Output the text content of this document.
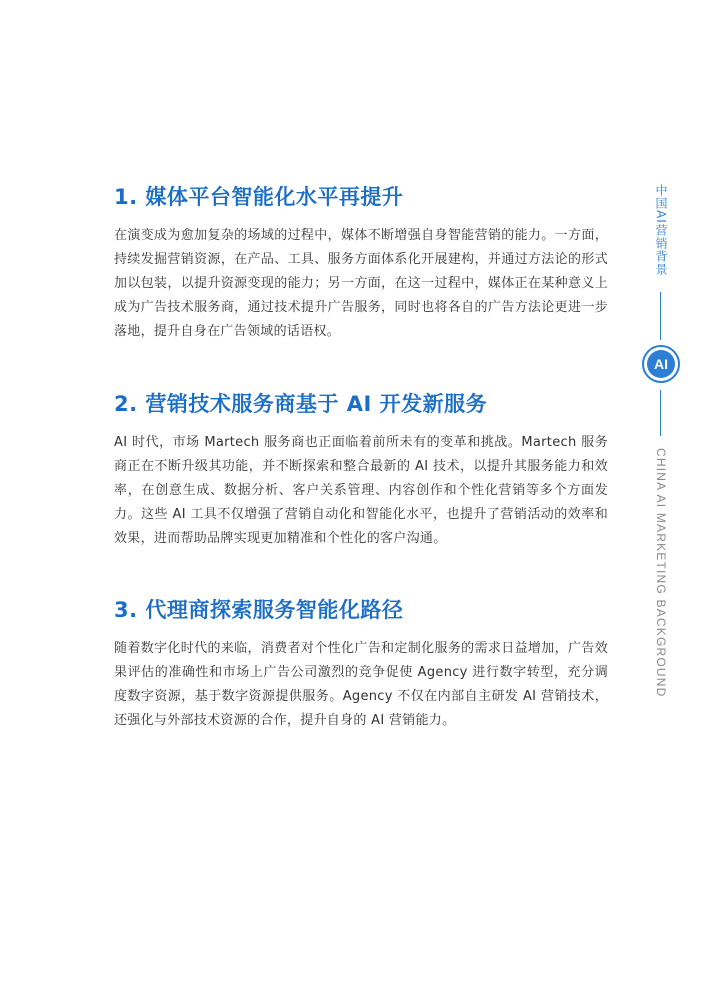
1. 媒体平台智能化水平再提升

在演变成为愈加复杂的场域的过程中，媒体不断增强自身智能营销的能力。一方面，持续发掘营销资源，在产品、工具、服务方面体系化开展建构，并通过方法论的形式加以包装，以提升资源变现的能力；另一方面，在这一过程中，媒体正在某种意义上成为广告技术服务商，通过技术提升广告服务，同时也将各自的广告方法论更进一步落地，提升自身在广告领域的话语权。

2. 营销技术服务商基于 AI 开发新服务

AI 时代，市场 Martech 服务商也正面临着前所未有的变革和挑战。Martech 服务商正在不断升级其功能，并不断探索和整合最新的 AI 技术，以提升其服务能力和效率，在创意生成、数据分析、客户关系管理、内容创作和个性化营销等多个方面发力。这些 AI 工具不仅增强了营销自动化和智能化水平，也提升了营销活动的效率和效果，进而帮助品牌实现更加精准和个性化的客户沟通。

3. 代理商探索服务智能化路径

随着数字化时代的来临，消费者对个性化广告和定制化服务的需求日益增加，广告效果评估的准确性和市场上广告公司激烈的竞争促使 Agency 进行数字转型，充分调度数字资源，基于数字资源提供服务。Agency 不仅在内部自主研发 AI 营销技术，还强化与外部技术资源的合作，提升自身的 AI 营销能力。

中国AI营销背景
AI
CHINA AI MARKETING BACKGROUND
